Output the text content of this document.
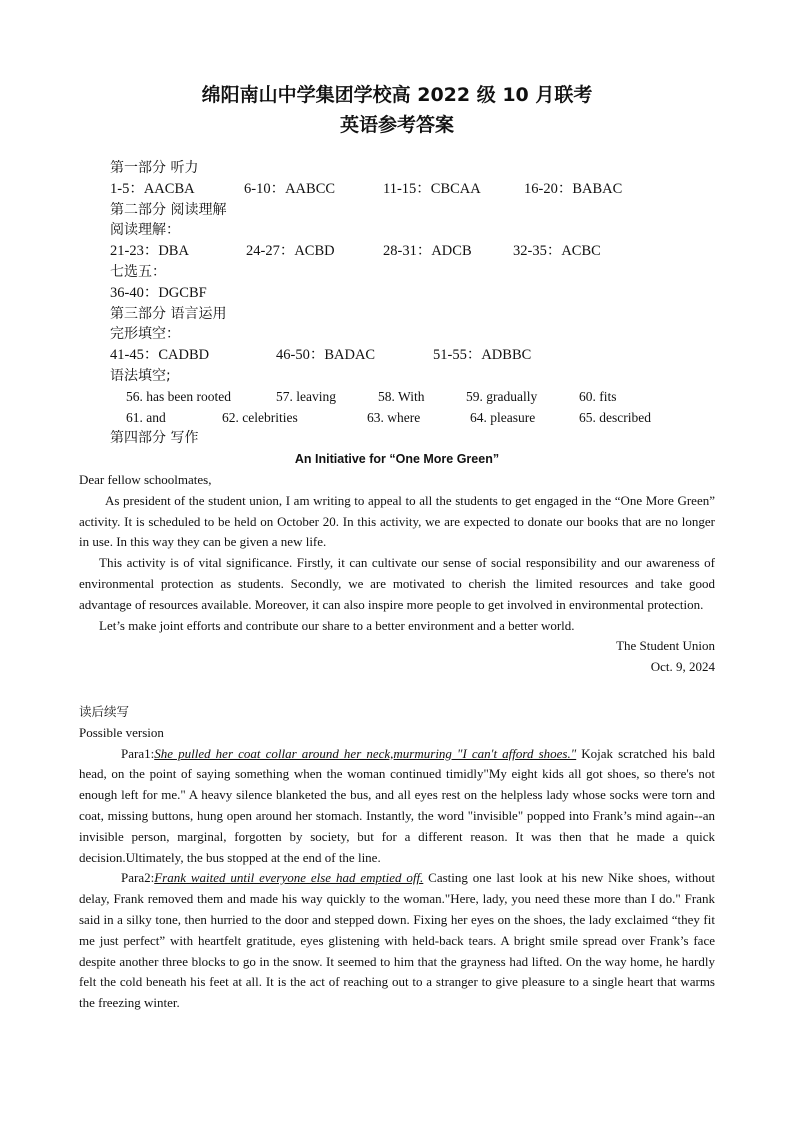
绵阳南山中学集团学校高 2022 级 10 月联考
英语参考答案
第一部分 听力
1-5：AACBA	6-10：AABCC	11-15：CBCAA	16-20：BABAC
第二部分 阅读理解
阅读理解：
21-23：DBA	24-27：ACBD	28-31：ADCB	32-35：ACBC
七选五：
36-40：DGCBF
第三部分 语言运用
完形填空：
41-45：CADBD	46-50：BADAC	51-55：ADBBC
语法填空;
56. has been rooted	57. leaving	58. With	59. gradually	60. fits
61. and	62. celebrities	63. where	64. pleasure	65. described
第四部分 写作
An Initiative for “One More Green”

Dear fellow schoolmates,

As president of the student union, I am writing to appeal to all the students to get engaged in the “One More Green” activity. It is scheduled to be held on October 20. In this activity, we are expected to donate our books that are no longer in use. In this way they can be given a new life.

This activity is of vital significance. Firstly, it can cultivate our sense of social responsibility and our awareness of environmental protection as students. Secondly, we are motivated to cherish the limited resources and take good advantage of resources available. Moreover, it can also inspire more people to get involved in environmental protection.

Let’s make joint efforts and contribute our share to a better environment and a better world.

The Student Union

Oct. 9, 2024

读后续写

Possible version

Para1:She pulled her coat collar around her neck,murmuring "I can't afford shoes." Kojak scratched his bald head, on the point of saying something when the woman continued timidly"My eight kids all got shoes, so there's not enough left for me." A heavy silence blanketed the bus, and all eyes rest on the helpless lady whose socks were torn and coat, missing buttons, hung open around her stomach. Instantly, the word "invisible" popped into Frank’s mind again--an invisible person, marginal, forgotten by society, but for a different reason. It was then that he made a quick decision.Ultimately, the bus stopped at the end of the line.

Para2:Frank waited until everyone else had emptied off. Casting one last look at his new Nike shoes, without delay, Frank removed them and made his way quickly to the woman."Here, lady, you need these more than I do." Frank said in a silky tone, then hurried to the door and stepped down. Fixing her eyes on the shoes, the lady exclaimed “they fit me just perfect” with heartfelt gratitude, eyes glistening with held-back tears. A bright smile spread over Frank’s face despite another three blocks to go in the snow. It seemed to him that the grayness had lifted. On the way home, he hardly felt the cold beneath his feet at all. It is the act of reaching out to a stranger to give pleasure to a single heart that warms the freezing winter.
